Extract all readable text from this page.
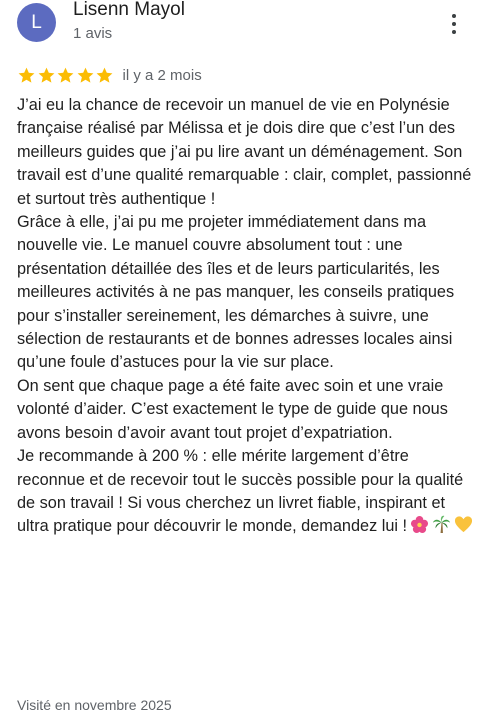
L
Lisenn Mayol
1 avis
il y a 2 mois

J’ai eu la chance de recevoir un manuel de vie en Polynésie française réalisé par Mélissa et je dois dire que c’est l’un des meilleurs guides que j’ai pu lire avant un déménagement. Son travail est d’une qualité remarquable : clair, complet, passionné et surtout très authentique !

Grâce à elle, j’ai pu me projeter immédiatement dans ma nouvelle vie. Le manuel couvre absolument tout : une présentation détaillée des îles et de leurs particularités, les meilleures activités à ne pas manquer, les conseils pratiques pour s’installer sereinement, les démarches à suivre, une sélection de restaurants et de bonnes adresses locales ainsi qu’une foule d’astuces pour la vie sur place.

On sent que chaque page a été faite avec soin et une vraie volonté d’aider. C’est exactement le type de guide que nous avons besoin d’avoir avant tout projet d’expatriation.

Je recommande à 200 % : elle mérite largement d’être reconnue et de recevoir tout le succès possible pour la qualité de son travail ! Si vous cherchez un livret fiable, inspirant et ultra pratique pour découvrir le monde, demandez lui !

Visité en novembre 2025
